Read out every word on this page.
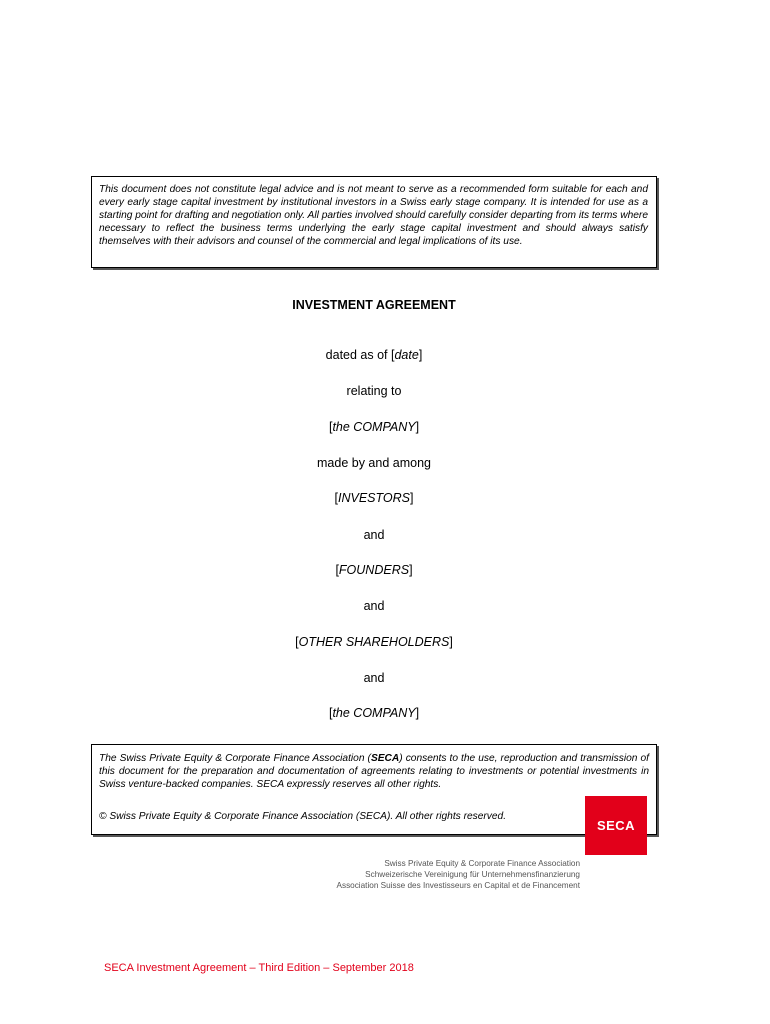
This document does not constitute legal advice and is not meant to serve as a recommended form suitable for each and every early stage capital investment by institutional investors in a Swiss early stage company. It is intended for use as a starting point for drafting and negotiation only. All parties involved should carefully consider departing from its terms where necessary to reflect the business terms underlying the early stage capital investment and should always satisfy themselves with their advisors and counsel of the commercial and legal implications of its use.
INVESTMENT AGREEMENT
dated as of [date]
relating to
[the COMPANY]
made by and among
[INVESTORS]
and
[FOUNDERS]
and
[OTHER SHAREHOLDERS]
and
[the COMPANY]
The Swiss Private Equity & Corporate Finance Association (SECA) consents to the use, reproduction and transmission of this document for the preparation and documentation of agreements relating to investments or potential investments in Swiss venture-backed companies. SECA expressly reserves all other rights.
© Swiss Private Equity & Corporate Finance Association (SECA). All other rights reserved.
SECA
Swiss Private Equity & Corporate Finance Association
Schweizerische Vereinigung für Unternehmensfinanzierung
Association Suisse des Investisseurs en Capital et de Financement
SECA Investment Agreement – Third Edition – September 2018
